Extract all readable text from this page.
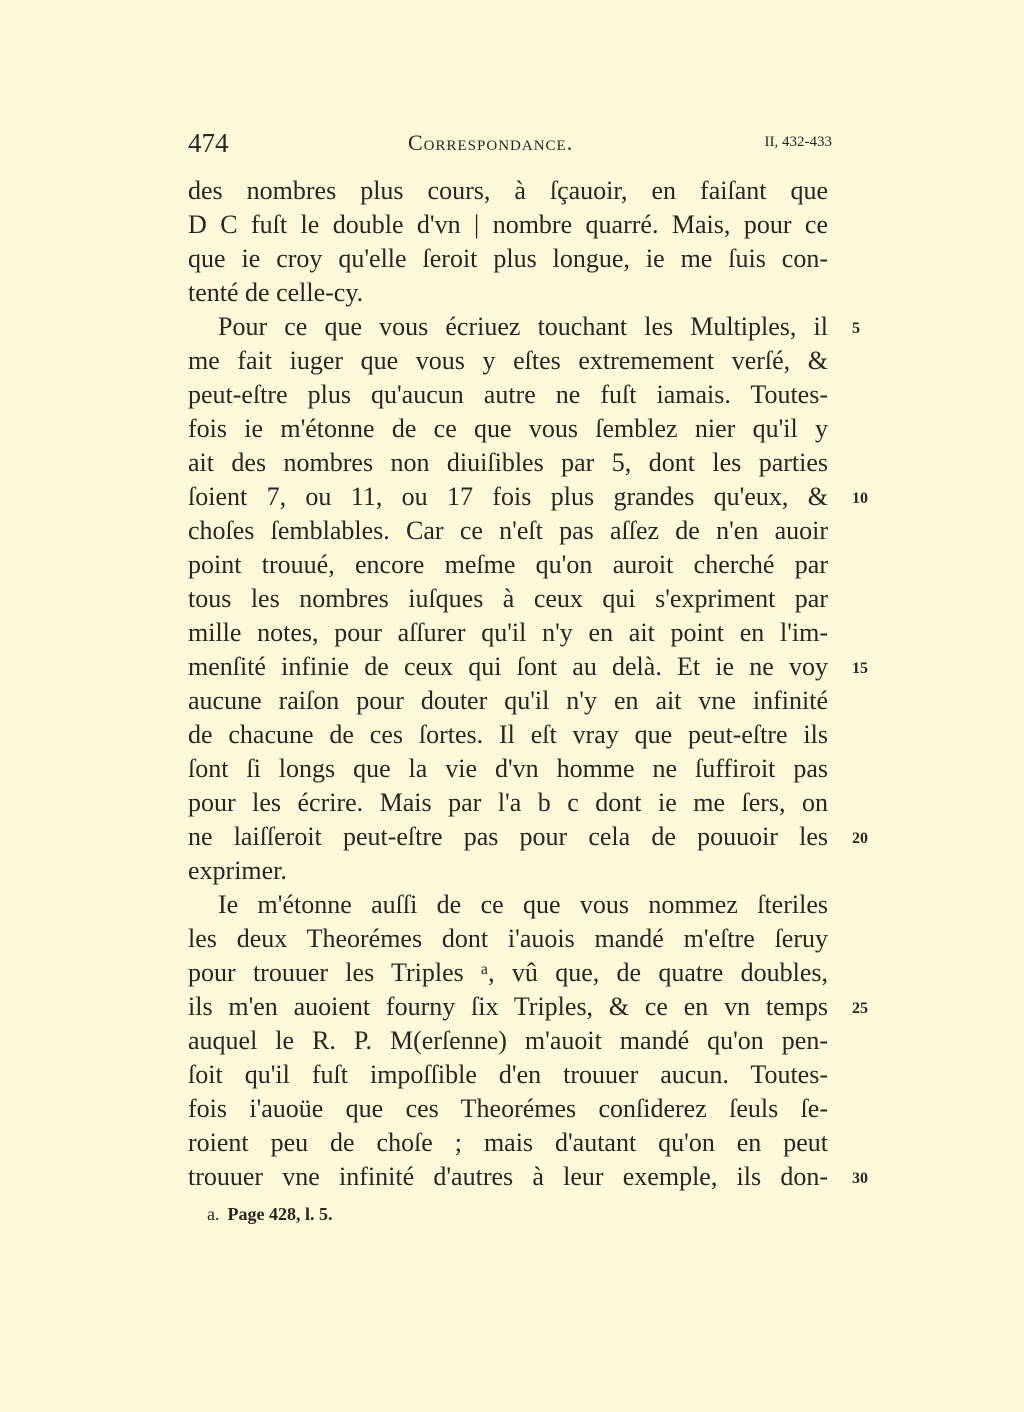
474	Correspondance.	II, 432-433
des nombres plus cours, à ſçauoir, en faiſant que
D C fuſt le double d'vn | nombre quarré. Mais, pour ce
que ie croy qu'elle ſeroit plus longue, ie me ſuis con-
tenté de celle-cy.
Pour ce que vous écriuez touchant les Multiples, il
me fait iuger que vous y eſtes extremement verſé, &
peut-eſtre plus qu'aucun autre ne fuſt iamais. Toutes-
fois ie m'étonne de ce que vous ſemblez nier qu'il y
ait des nombres non diuiſibles par 5, dont les parties
ſoient 7, ou 11, ou 17 fois plus grandes qu'eux, &
choſes ſemblables. Car ce n'eſt pas aſſez de n'en auoir
point trouué, encore meſme qu'on auroit cherché par
tous les nombres iuſques à ceux qui s'expriment par
mille notes, pour aſſurer qu'il n'y en ait point en l'im-
menſité infinie de ceux qui ſont au delà. Et ie ne voy
aucune raiſon pour douter qu'il n'y en ait vne infinité
de chacune de ces ſortes. Il eſt vray que peut-eſtre ils
ſont ſi longs que la vie d'vn homme ne ſuffiroit pas
pour les écrire. Mais par l'a b c dont ie me ſers, on
ne laiſſeroit peut-eſtre pas pour cela de pouuoir les
exprimer.
Ie m'étonne auſſi de ce que vous nommez ſteriles
les deux Theorémes dont i'auois mandé m'eſtre ſeruy
pour trouuer les Triples ᵃ, vû que, de quatre doubles,
ils m'en auoient fourny ſix Triples, & ce en vn temps
auquel le R. P. M(erſenne) m'auoit mandé qu'on pen-
ſoit qu'il fuſt impoſſible d'en trouuer aucun. Toutes-
fois i'auoüe que ces Theorémes conſiderez ſeuls ſe-
roient peu de choſe ; mais d'autant qu'on en peut
trouuer vne infinité d'autres à leur exemple, ils don-
5
10
15
20
25
30
a. Page 428, l. 5.
